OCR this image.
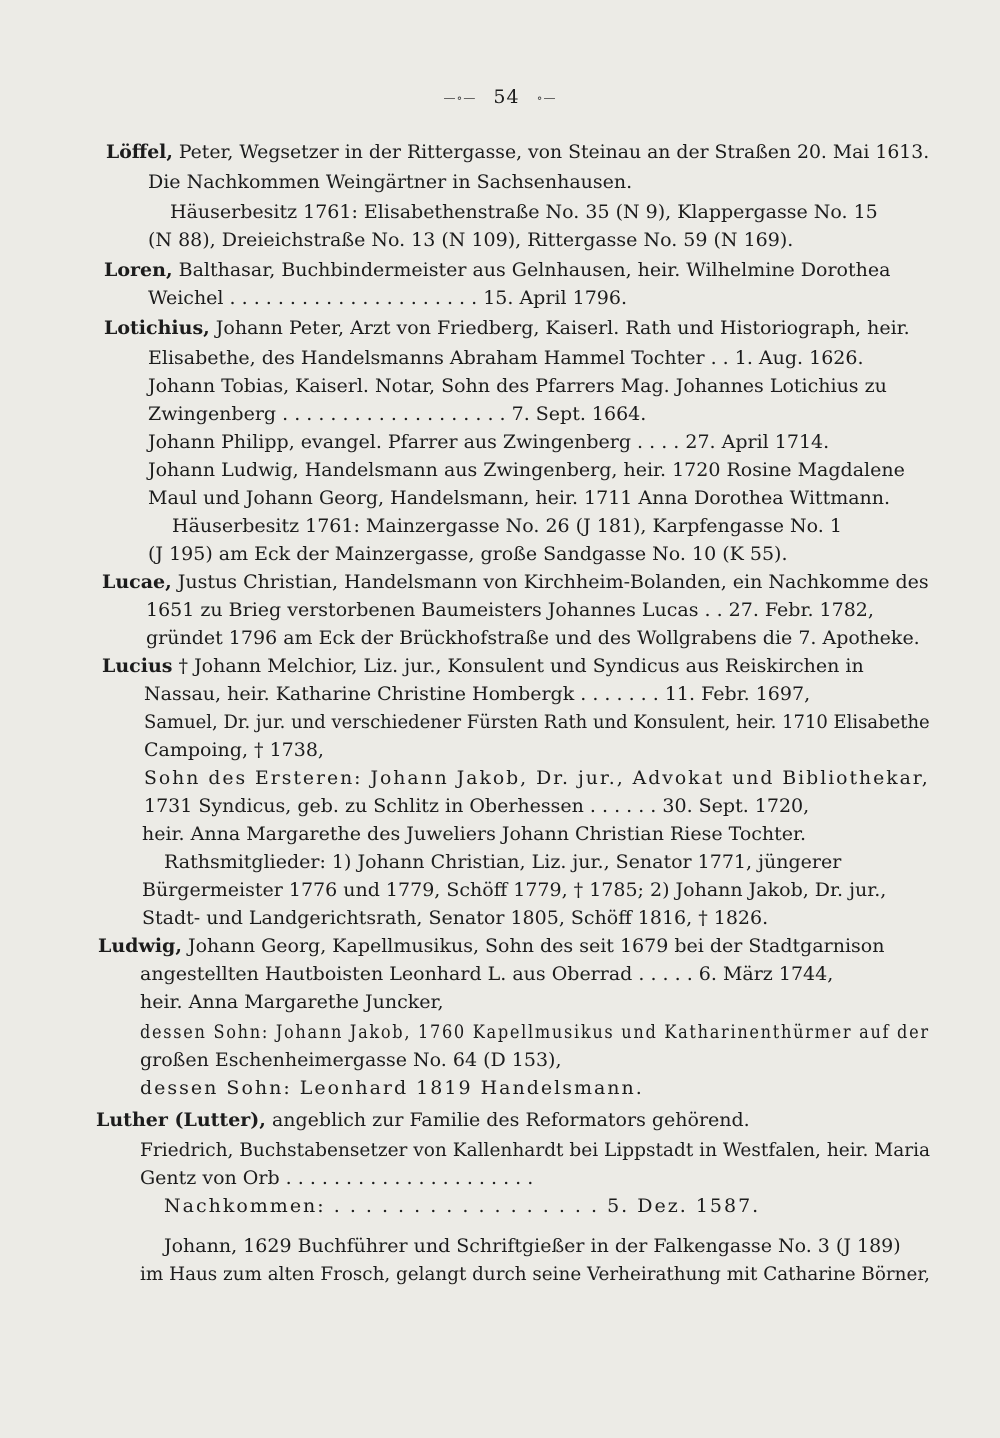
—∘— 54 ∘—
Löffel, Peter, Wegsetzer in der Rittergasse, von Steinau an der Straßen 20. Mai 1613.
Die Nachkommen Weingärtner in Sachsenhausen.
Häuserbesitz 1761: Elisabethenstraße No. 35 (N 9), Klappergasse No. 15
(N 88), Dreieichstraße No. 13 (N 109), Rittergasse No. 59 (N 169).
Loren, Balthasar, Buchbindermeister aus Gelnhausen, heir. Wilhelmine Dorothea
Weichel . . . . . . . . . . . . . . . . . . . . . 15. April 1796.
Lotichius, Johann Peter, Arzt von Friedberg, Kaiserl. Rath und Historiograph, heir.
Elisabethe, des Handelsmanns Abraham Hammel Tochter . . 1. Aug. 1626.
Johann Tobias, Kaiserl. Notar, Sohn des Pfarrers Mag. Johannes Lotichius zu
Zwingenberg . . . . . . . . . . . . . . . . . . . 7. Sept. 1664.
Johann Philipp, evangel. Pfarrer aus Zwingenberg . . . . 27. April 1714.
Johann Ludwig, Handelsmann aus Zwingenberg, heir. 1720 Rosine Magdalene
Maul und Johann Georg, Handelsmann, heir. 1711 Anna Dorothea Wittmann.
Häuserbesitz 1761: Mainzergasse No. 26 (J 181), Karpfengasse No. 1
(J 195) am Eck der Mainzergasse, große Sandgasse No. 10 (K 55).
Lucae, Justus Christian, Handelsmann von Kirchheim-Bolanden, ein Nachkomme des
1651 zu Brieg verstorbenen Baumeisters Johannes Lucas . . 27. Febr. 1782,
gründet 1796 am Eck der Brückhofstraße und des Wollgrabens die 7. Apotheke.
Lucius † Johann Melchior, Liz. jur., Konsulent und Syndicus aus Reiskirchen in
Nassau, heir. Katharine Christine Hombergk . . . . . . . 11. Febr. 1697,
Samuel, Dr. jur. und verschiedener Fürsten Rath und Konsulent, heir. 1710 Elisabethe
Campoing, † 1738,
Sohn des Ersteren: Johann Jakob, Dr. jur., Advokat und Bibliothekar,
1731 Syndicus, geb. zu Schlitz in Oberhessen . . . . . . 30. Sept. 1720,
heir. Anna Margarethe des Juweliers Johann Christian Riese Tochter.
Rathsmitglieder: 1) Johann Christian, Liz. jur., Senator 1771, jüngerer
Bürgermeister 1776 und 1779, Schöff 1779, † 1785; 2) Johann Jakob, Dr. jur.,
Stadt- und Landgerichtsrath, Senator 1805, Schöff 1816, † 1826.
Ludwig, Johann Georg, Kapellmusikus, Sohn des seit 1679 bei der Stadtgarnison
angestellten Hautboisten Leonhard L. aus Oberrad . . . . . 6. März 1744,
heir. Anna Margarethe Juncker,
dessen Sohn: Johann Jakob, 1760 Kapellmusikus und Katharinenthürmer auf der
großen Eschenheimergasse No. 64 (D 153),
dessen Sohn: Leonhard 1819 Handelsmann.
Luther (Lutter), angeblich zur Familie des Reformators gehörend.
Friedrich, Buchstabensetzer von Kallenhardt bei Lippstadt in Westfalen, heir. Maria
Gentz von Orb . . . . . . . . . . . . . . . . . . . . .
Nachkommen: . . . . . . . . . . . . . . . . . 5. Dez. 1587.
Johann, 1629 Buchführer und Schriftgießer in der Falkengasse No. 3 (J 189)
im Haus zum alten Frosch, gelangt durch seine Verheirathung mit Catharine Börner,
